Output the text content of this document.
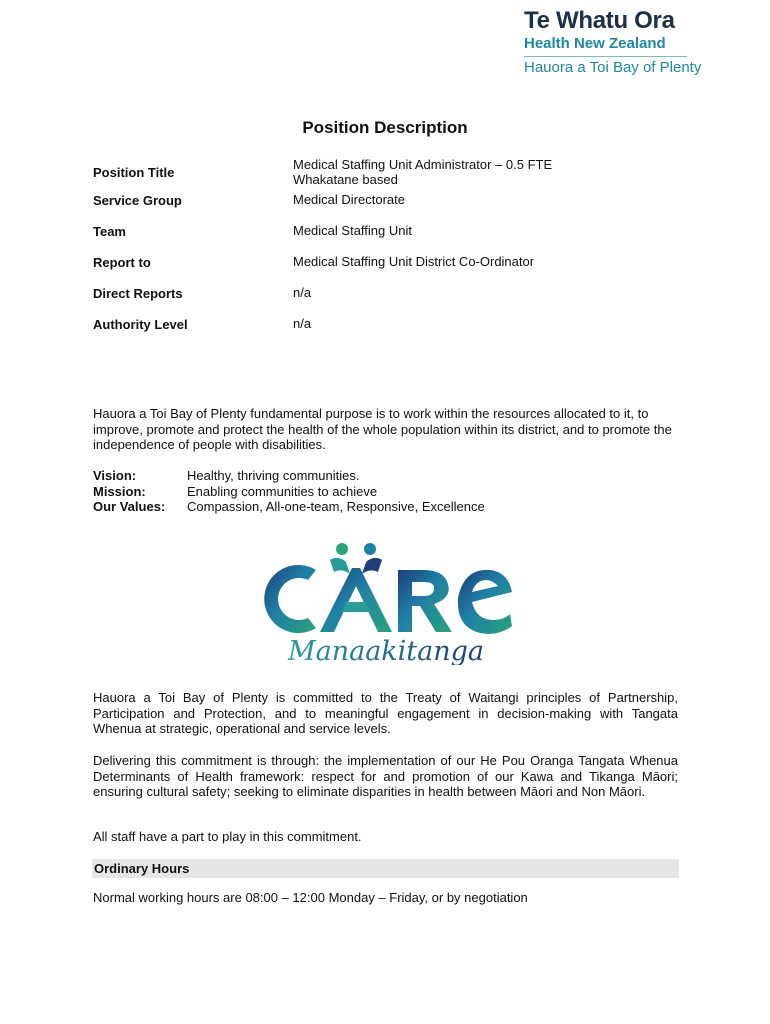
Te Whatu Ora
Health New Zealand
Hauora a Toi Bay of Plenty
Position Description
Position Title	Medical Staffing Unit Administrator – 0.5 FTE
Whakatane based
Service Group	Medical Directorate
Team	Medical Staffing Unit
Report to	Medical Staffing Unit District Co-Ordinator
Direct Reports	n/a
Authority Level	n/a
Hauora a Toi Bay of Plenty fundamental purpose is to work within the resources allocated to it, to improve, promote and protect the health of the whole population within its district, and to promote the independence of people with disabilities.
Vision:	Healthy, thriving communities.
Mission:	Enabling communities to achieve
Our Values:	Compassion, All-one-team, Responsive, Excellence
Manaakitanga
Hauora a Toi Bay of Plenty is committed to the Treaty of Waitangi principles of Partnership, Participation and Protection, and to meaningful engagement in decision-making with Tangata Whenua at strategic, operational and service levels.
Delivering this commitment is through: the implementation of our He Pou Oranga Tangata Whenua Determinants of Health framework: respect for and promotion of our Kawa and Tikanga Māori; ensuring cultural safety; seeking to eliminate disparities in health between Māori and Non Māori.
All staff have a part to play in this commitment.
Ordinary Hours
Normal working hours are 08:00 – 12:00 Monday – Friday, or by negotiation
